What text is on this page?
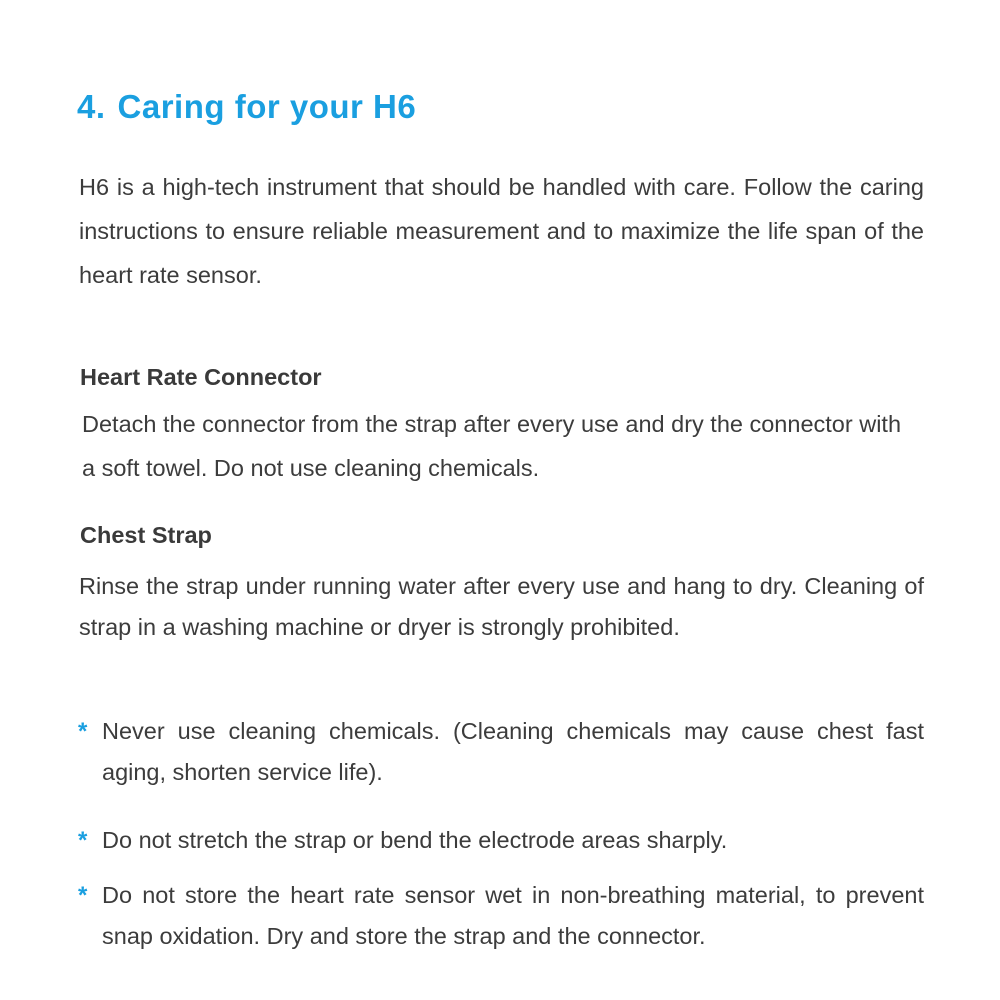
4. Caring for your H6

H6 is a high-tech instrument that should be handled with care. Follow the caring instructions to ensure reliable measurement and to maximize the life span of the heart rate sensor.

Heart Rate Connector

Detach the connector from the strap after every use and dry the connector with a soft towel. Do not use cleaning chemicals.

Chest Strap

Rinse the strap under running water after every use and hang to dry. Cleaning of strap in a washing machine or dryer is strongly prohibited.

* Never use cleaning chemicals. (Cleaning chemicals may cause chest fast aging, shorten service life).
* Do not stretch the strap or bend the electrode areas sharply.
* Do not store the heart rate sensor wet in non-breathing material, to prevent snap oxidation. Dry and store the strap and the connector.
